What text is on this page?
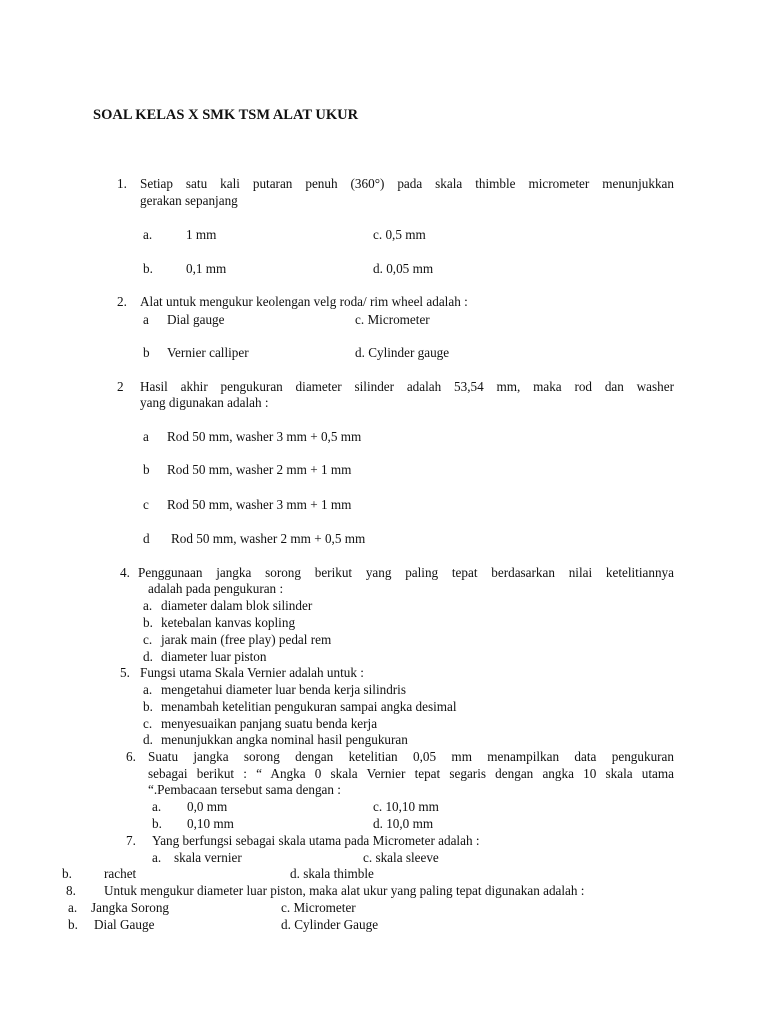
SOAL KELAS X SMK TSM ALAT UKUR
1. Setiap satu kali putaran penuh (360°) pada skala thimble micrometer menunjukkan
gerakan sepanjang
a.	1 mm	c. 0,5 mm
b.	0,1 mm	d. 0,05 mm
2. Alat untuk mengukur keolengan velg roda/ rim wheel adalah :
a Dial gauge	c. Micrometer
b Vernier calliper	d. Cylinder gauge
2 Hasil akhir pengukuran diameter silinder adalah 53,54 mm, maka rod dan washer
yang digunakan adalah :
a Rod 50 mm, washer 3 mm + 0,5 mm
b Rod 50 mm, washer 2 mm + 1 mm
c Rod 50 mm, washer 3 mm + 1 mm
d Rod 50 mm, washer 2 mm + 0,5 mm
4. Penggunaan jangka sorong berikut yang paling tepat berdasarkan nilai ketelitiannya
adalah pada pengukuran :
a. diameter dalam blok silinder
b. ketebalan kanvas kopling
c. jarak main (free play) pedal rem
d. diameter luar piston
5. Fungsi utama Skala Vernier adalah untuk :
a. mengetahui diameter luar benda kerja silindris
b. menambah ketelitian pengukuran sampai angka desimal
c. menyesuaikan panjang suatu benda kerja
d. menunjukkan angka nominal hasil pengukuran
6. Suatu jangka sorong dengan ketelitian 0,05 mm menampilkan data pengukuran
sebagai berikut : “ Angka 0 skala Vernier tepat segaris dengan angka 10 skala utama
“.Pembacaan tersebut sama dengan :
a. 0,0 mm	c. 10,10 mm
b. 0,10 mm	d. 10,0 mm
7. Yang berfungsi sebagai skala utama pada Micrometer adalah :
a. skala vernier	c. skala sleeve
b. rachet	d. skala thimble
8. Untuk mengukur diameter luar piston, maka alat ukur yang paling tepat digunakan adalah :
a. Jangka Sorong	c. Micrometer
b. Dial Gauge	d. Cylinder Gauge
